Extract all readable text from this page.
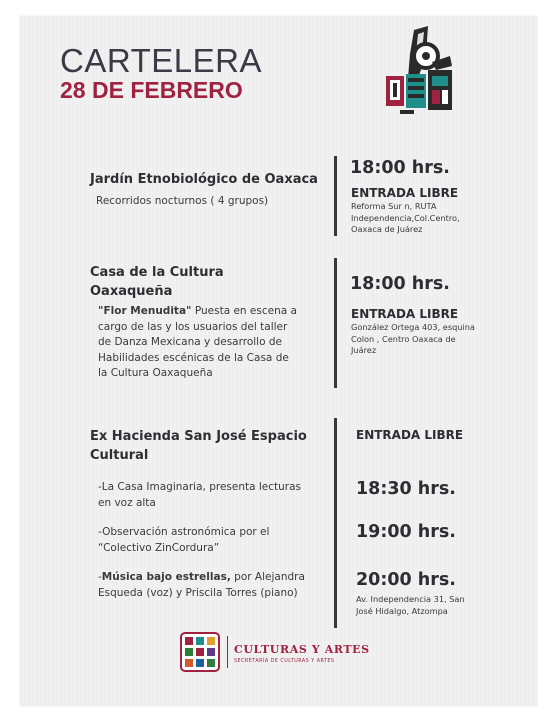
CARTELERA
28 DE FEBRERO
Jardín Etnobiológico de Oaxaca
Recorridos nocturnos ( 4 grupos)
18:00 hrs.
ENTRADA LIBRE
Reforma Sur n, RUTA
Independencia,Col.Centro,
Oaxaca de Juárez
Casa de la Cultura
Oaxaqueña
"Flor Menudita" Puesta en escena a
cargo de las y los usuarios del taller
de Danza Mexicana y desarrollo de
Habilidades escénicas de la Casa de
la Cultura Oaxaqueña
18:00 hrs.
ENTRADA LIBRE
González Ortega 403, esquina
Colon , Centro Oaxaca de
Juárez
Ex Hacienda San José Espacio
Cultural
ENTRADA LIBRE
-La Casa Imaginaria, presenta lecturas
en voz alta
18:30 hrs.
-Observación astronómica por el
“Colectivo ZinCordura”
19:00 hrs.
-Música bajo estrellas, por Alejandra
Esqueda (voz) y Priscila Torres (piano)
20:00 hrs.
Av. Independencia 31, San
José Hidalgo, Atzompa
CULTURAS Y ARTES
SECRETARÍA DE CULTURAS Y ARTES
